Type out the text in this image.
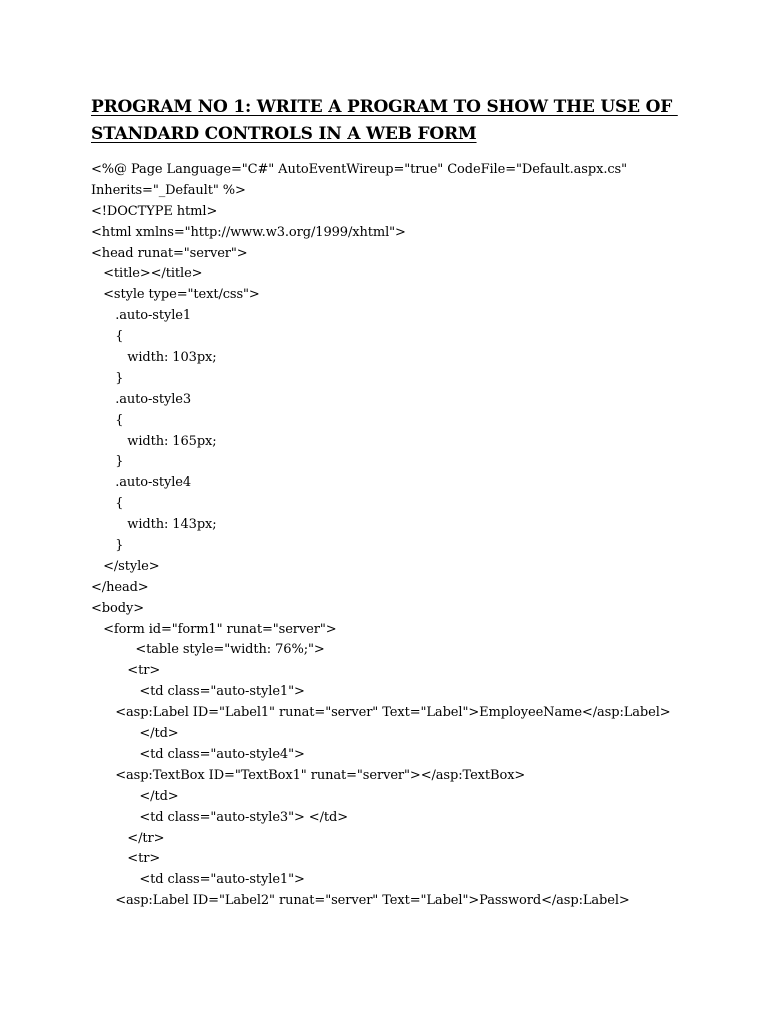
PROGRAM NO 1: WRITE A PROGRAM TO SHOW THE USE OF
STANDARD CONTROLS IN A WEB FORM
<%@ Page Language="C#" AutoEventWireup="true" CodeFile="Default.aspx.cs"
Inherits="_Default" %>
<!DOCTYPE html>
<html xmlns="http://www.w3.org/1999/xhtml">
<head runat="server">
<title></title>
<style type="text/css">
.auto-style1
{
width: 103px;
}
.auto-style3
{
width: 165px;
}
.auto-style4
{
width: 143px;
}
</style>
</head>
<body>
<form id="form1" runat="server">
<table style="width: 76%;">
<tr>
<td class="auto-style1">
<asp:Label ID="Label1" runat="server" Text="Label">EmployeeName</asp:Label>
</td>
<td class="auto-style4">
<asp:TextBox ID="TextBox1" runat="server"></asp:TextBox>
</td>
<td class="auto-style3"> </td>
</tr>
<tr>
<td class="auto-style1">
<asp:Label ID="Label2" runat="server" Text="Label">Password</asp:Label>
